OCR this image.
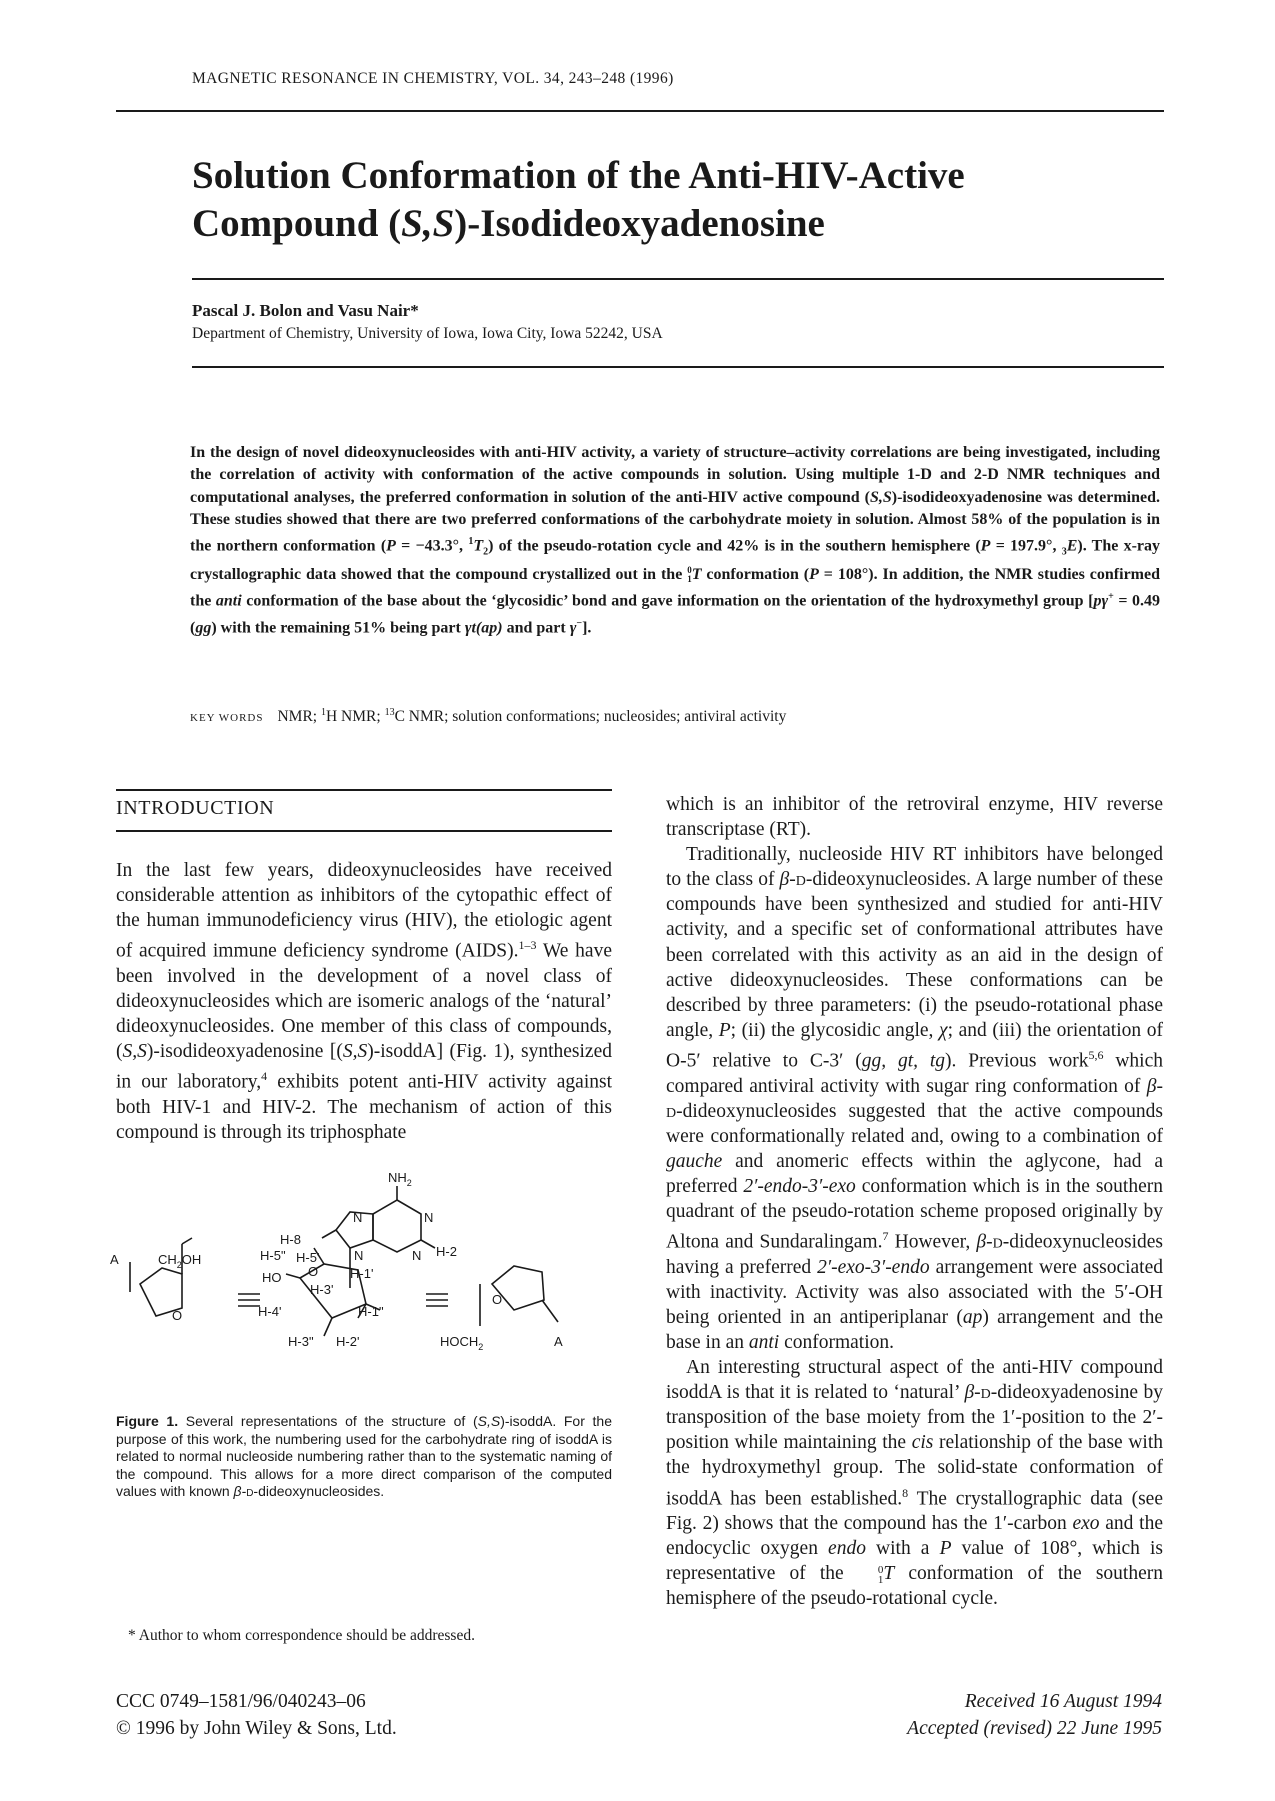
MAGNETIC RESONANCE IN CHEMISTRY, VOL. 34, 243–248 (1996)
Solution Conformation of the Anti-HIV-Active
Compound (S,S)-Isodideoxyadenosine
Pascal J. Bolon and Vasu Nair*
Department of Chemistry, University of Iowa, Iowa City, Iowa 52242, USA

In the design of novel dideoxynucleosides with anti-HIV activity, a variety of structure–activity correlations are being investigated, including the correlation of activity with conformation of the active compounds in solution. Using multiple 1-D and 2-D NMR techniques and computational analyses, the preferred conformation in solution of the anti-HIV active compound (S,S)-isodideoxyadenosine was determined. These studies showed that there are two preferred conformations of the carbohydrate moiety in solution. Almost 58% of the population is in the northern conformation (P = −43.3°, $^1T_2$) of the pseudo-rotation cycle and 42% is in the southern hemisphere (P = 197.9°, $_3$E). The x-ray crystallographic data showed that the compound crystallized out in the 0
1 T conformation (P = 108°). In addition, the NMR studies confirmed the anti conformation of the base about the ‘glycosidic’ bond and gave information on the orientation of the hydroxymethyl group [pγ+ = 0.49 (gg) with the remaining 51% being part γt(ap) and part γ−].

KEY WORDS NMR; $^1$H NMR; $^{13}$C NMR; solution conformations; nucleosides; antiviral activity
INTRODUCTION

In the last few years, dideoxynucleosides have received considerable attention as inhibitors of the cytopathic effect of the human immunodeficiency virus (HIV), the etiologic agent of acquired immune deficiency syndrome (AIDS).$^{1-3}$ We have been involved in the development of a novel class of dideoxynucleosides which are isomeric analogs of the ‘natural’ dideoxynucleosides. One member of this class of compounds, (S,S)-isodideoxyadenosine [(S,S)-isoddA] (Fig. 1), synthesized in our laboratory,$^4$ exhibits potent anti-HIV activity against both HIV-1 and HIV-2. The mechanism of action of this compound is through its triphosphate

$NH_2$
N	N
N	N
H-8
H-2
A	$CH_2OH$
O
H-5" H-5'
HO O H-1'
H-3'
H-4'	H-1"
H-3" H-2'
O
$HOCH_2$	A
Figure 1. Several representations of the structure of (S,S)-isoddA. For the purpose of this work, the numbering used for the carbohydrate ring of isoddA is related to normal nucleoside numbering rather than to the systematic naming of the compound. This allows for a more direct comparison of the computed values with known β-d-dideoxynucleosides.
* Author to whom correspondence should be addressed.
CCC 0749–1581/96/040243–06
© 1996 by John Wiley & Sons, Ltd.

which is an inhibitor of the retroviral enzyme, HIV reverse transcriptase (RT).

Traditionally, nucleoside HIV RT inhibitors have belonged to the class of β-d-dideoxynucleosides. A large number of these compounds have been synthesized and studied for anti-HIV activity, and a specific set of conformational attributes have been correlated with this activity as an aid in the design of active dideoxynucleosides. These conformations can be described by three parameters: (i) the pseudo-rotational phase angle, P; (ii) the glycosidic angle, χ; and (iii) the orientation of O-5′ relative to C-3′ (gg, gt, tg). Previous work$^{5,6}$ which compared antiviral activity with sugar ring conformation of β-d-dideoxynucleosides suggested that the active compounds were conformationally related and, owing to a combination of gauche and anomeric effects within the aglycone, had a preferred 2′-endo-3′-exo conformation which is in the southern quadrant of the pseudo-rotation scheme proposed originally by Altona and Sundaralingam.$^7$ However, β-d-dideoxynucleosides having a preferred 2′-exo-3′-endo arrangement were associated with inactivity. Activity was also associated with the 5′-OH being oriented in an antiperiplanar (ap) arrangement and the base in an anti conformation.

An interesting structural aspect of the anti-HIV compound isoddA is that it is related to ‘natural’ β-d-dideoxyadenosine by transposition of the base moiety from the 1′-position to the 2′-position while maintaining the cis relationship of the base with the hydroxymethyl group. The solid-state conformation of isoddA has been established.$^8$ The crystallographic data (see Fig. 2) shows that the compound has the 1′-carbon exo and the endocyclic oxygen endo with a P value of 108°, which is representative of the	0
1 T conformation of the southern hemisphere of the pseudo-rotational cycle.

Received 16 August 1994
Accepted (revised) 22 June 1995
